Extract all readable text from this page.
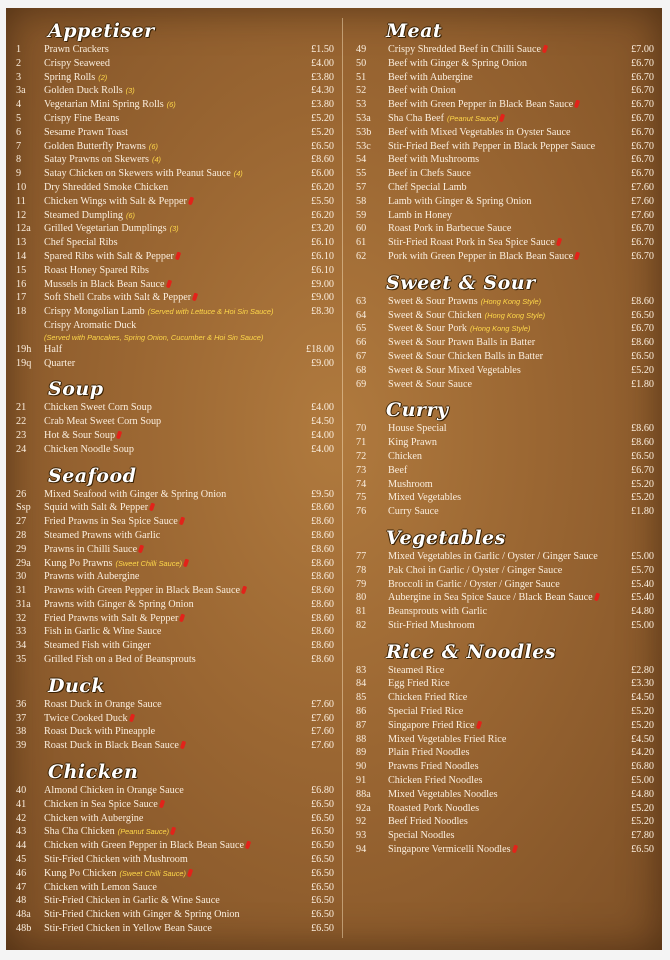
Appetiser
1	Prawn Crackers	£1.50
2	Crispy Seaweed	£4.00
3	Spring Rolls (2)	£3.80
3a	Golden Duck Rolls (3)	£4.30
4	Vegetarian Mini Spring Rolls (6)	£3.80
5	Crispy Fine Beans	£5.20
6	Sesame Prawn Toast	£5.20
7	Golden Butterfly Prawns (6)	£6.50
8	Satay Prawns on Skewers (4)	£8.60
9	Satay Chicken on Skewers with Peanut Sauce (4)	£6.00
10	Dry Shredded Smoke Chicken	£6.20
11	Chicken Wings with Salt & Pepper	£5.50
12	Steamed Dumpling (6)	£6.20
12a	Grilled Vegetarian Dumplings (3)	£3.20
13	Chef Special Ribs	£6.10
14	Spared Ribs with Salt & Pepper	£6.10
15	Roast Honey Spared Ribs	£6.10
16	Mussels in Black Bean Sauce	£9.00
17	Soft Shell Crabs with Salt & Pepper	£9.00
18	Crispy Mongolian Lamb (Served with Lettuce & Hoi Sin Sauce)	£8.30
Crispy Aromatic Duck
(Served with Pancakes, Spring Onion, Cucumber & Hoi Sin Sauce)
19h	Half	£18.00
19q	Quarter	£9.00
Soup
21	Chicken Sweet Corn Soup	£4.00
22	Crab Meat Sweet Corn Soup	£4.50
23	Hot & Sour Soup	£4.00
24	Chicken Noodle Soup	£4.00
Seafood
26	Mixed Seafood with Ginger & Spring Onion	£9.50
Ssp	Squid with Salt & Pepper	£8.60
27	Fried Prawns in Sea Spice Sauce	£8.60
28	Steamed Prawns with Garlic	£8.60
29	Prawns in Chilli Sauce	£8.60
29a	Kung Po Prawns (Sweet Chilli Sauce)	£8.60
30	Prawns with Aubergine	£8.60
31	Prawns with Green Pepper in Black Bean Sauce	£8.60
31a	Prawns with Ginger & Spring Onion	£8.60
32	Fried Prawns with Salt & Pepper	£8.60
33	Fish in Garlic & Wine Sauce	£8.60
34	Steamed Fish with Ginger	£8.60
35	Grilled Fish on a Bed of Beansprouts	£8.60
Duck
36	Roast Duck in Orange Sauce	£7.60
37	Twice Cooked Duck	£7.60
38	Roast Duck with Pineapple	£7.60
39	Roast Duck in Black Bean Sauce	£7.60
Chicken
40	Almond Chicken in Orange Sauce	£6.80
41	Chicken in Sea Spice Sauce	£6.50
42	Chicken with Aubergine	£6.50
43	Sha Cha Chicken (Peanut Sauce)	£6.50
44	Chicken with Green Pepper in Black Bean Sauce	£6.50
45	Stir-Fried Chicken with Mushroom	£6.50
46	Kung Po Chicken (Sweet Chilli Sauce)	£6.50
47	Chicken with Lemon Sauce	£6.50
48	Stir-Fried Chicken in Garlic & Wine Sauce	£6.50
48a	Stir-Fried Chicken with Ginger & Spring Onion	£6.50
48b	Stir-Fried Chicken in Yellow Bean Sauce	£6.50
Meat
49	Crispy Shredded Beef in Chilli Sauce	£7.00
50	Beef with Ginger & Spring Onion	£6.70
51	Beef with Aubergine	£6.70
52	Beef with Onion	£6.70
53	Beef with Green Pepper in Black Bean Sauce	£6.70
53a	Sha Cha Beef (Peanut Sauce)	£6.70
53b	Beef with Mixed Vegetables in Oyster Sauce	£6.70
53c	Stir-Fried Beef with Pepper in Black Pepper Sauce	£6.70
54	Beef with Mushrooms	£6.70
55	Beef in Chefs Sauce	£6.70
57	Chef Special Lamb	£7.60
58	Lamb with Ginger & Spring Onion	£7.60
59	Lamb in Honey	£7.60
60	Roast Pork in Barbecue Sauce	£6.70
61	Stir-Fried Roast Pork in Sea Spice Sauce	£6.70
62	Pork with Green Pepper in Black Bean Sauce	£6.70
Sweet & Sour
63	Sweet & Sour Prawns (Hong Kong Style)	£8.60
64	Sweet & Sour Chicken (Hong Kong Style)	£6.50
65	Sweet & Sour Pork (Hong Kong Style)	£6.70
66	Sweet & Sour Prawn Balls in Batter	£8.60
67	Sweet & Sour Chicken Balls in Batter	£6.50
68	Sweet & Sour Mixed Vegetables	£5.20
69	Sweet & Sour Sauce	£1.80
Curry
70	House Special	£8.60
71	King Prawn	£8.60
72	Chicken	£6.50
73	Beef	£6.70
74	Mushroom	£5.20
75	Mixed Vegetables	£5.20
76	Curry Sauce	£1.80
Vegetables
77	Mixed Vegetables in Garlic / Oyster / Ginger Sauce	£5.00
78	Pak Choi in Garlic / Oyster / Ginger Sauce	£5.70
79	Broccoli in Garlic / Oyster / Ginger Sauce	£5.40
80	Aubergine in Sea Spice Sauce / Black Bean Sauce	£5.40
81	Beansprouts with Garlic	£4.80
82	Stir-Fried Mushroom	£5.00
Rice & Noodles
83	Steamed Rice	£2.80
84	Egg Fried Rice	£3.30
85	Chicken Fried Rice	£4.50
86	Special Fried Rice	£5.20
87	Singapore Fried Rice	£5.20
88	Mixed Vegetables Fried Rice	£4.50
89	Plain Fried Noodles	£4.20
90	Prawns Fried Noodles	£6.80
91	Chicken Fried Noodles	£5.00
88a	Mixed Vegetables Noodles	£4.80
92a	Roasted Pork Noodles	£5.20
92	Beef Fried Noodles	£5.20
93	Special Noodles	£7.80
94	Singapore Vermicelli Noodles	£6.50
